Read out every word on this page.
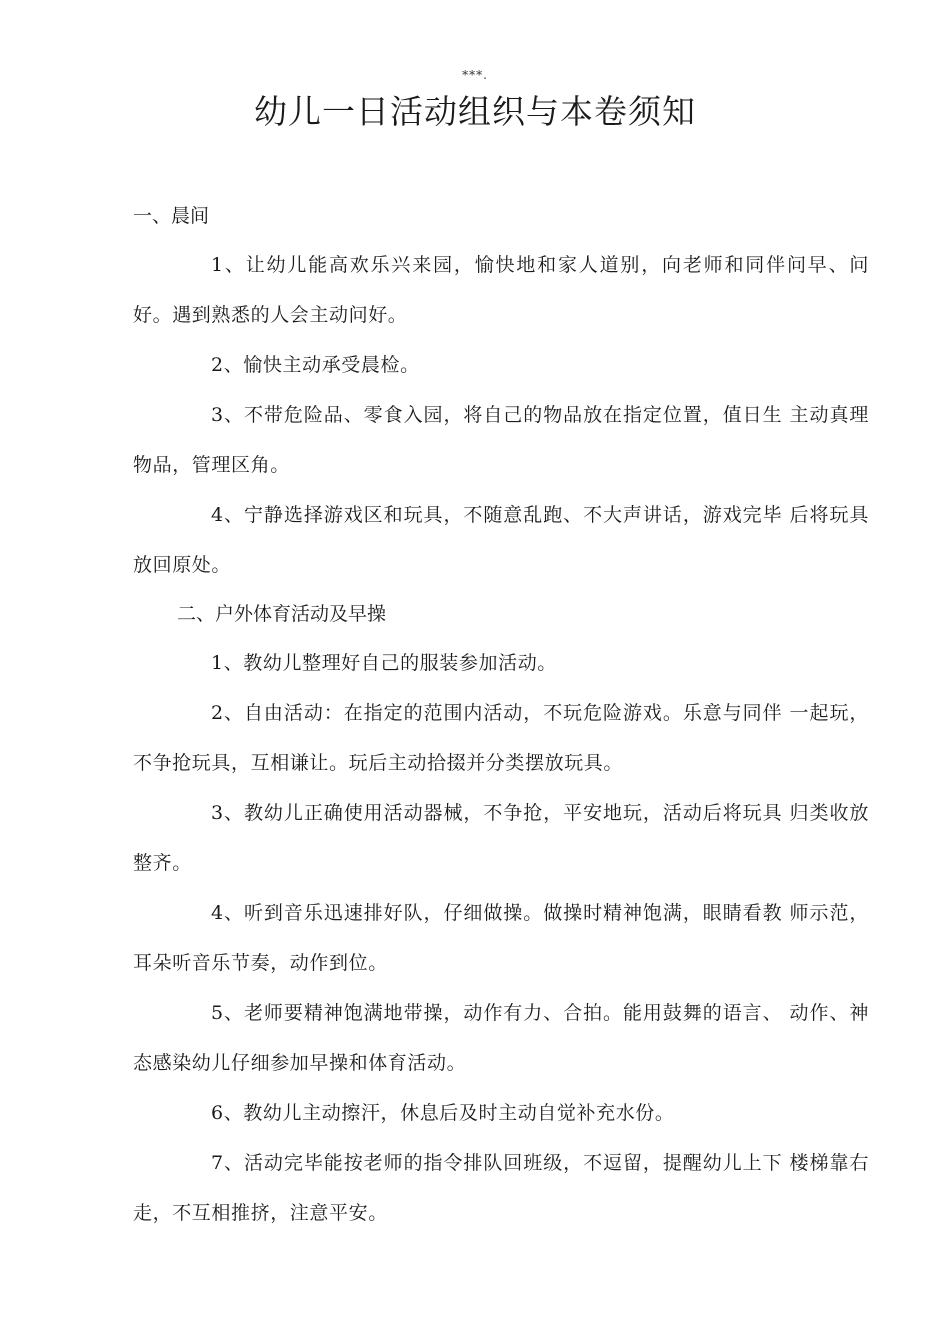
***.
幼儿一日活动组织与本卷须知

一、晨间

1、让幼儿能高欢乐兴来园，愉快地和家人道别，向老师和同伴问早、问好。遇到熟悉的人会主动问好。

2、愉快主动承受晨检。

3、不带危险品、零食入园，将自己的物品放在指定位置，值日生 主动真理物品，管理区角。

4、宁静选择游戏区和玩具，不随意乱跑、不大声讲话，游戏完毕 后将玩具放回原处。

二、户外体育活动及早操

1、教幼儿整理好自己的服装参加活动。

2、自由活动：在指定的范围内活动，不玩危险游戏。乐意与同伴 一起玩，不争抢玩具，互相谦让。玩后主动拾掇并分类摆放玩具。

3、教幼儿正确使用活动器械，不争抢，平安地玩，活动后将玩具 归类收放整齐。

4、听到音乐迅速排好队，仔细做操。做操时精神饱满，眼睛看教 师示范，耳朵听音乐节奏，动作到位。

5、老师要精神饱满地带操，动作有力、合拍。能用鼓舞的语言、 动作、神态感染幼儿仔细参加早操和体育活动。

6、教幼儿主动擦汗，休息后及时主动自觉补充水份。

7、活动完毕能按老师的指令排队回班级，不逗留，提醒幼儿上下 楼梯靠右走，不互相推挤，注意平安。
